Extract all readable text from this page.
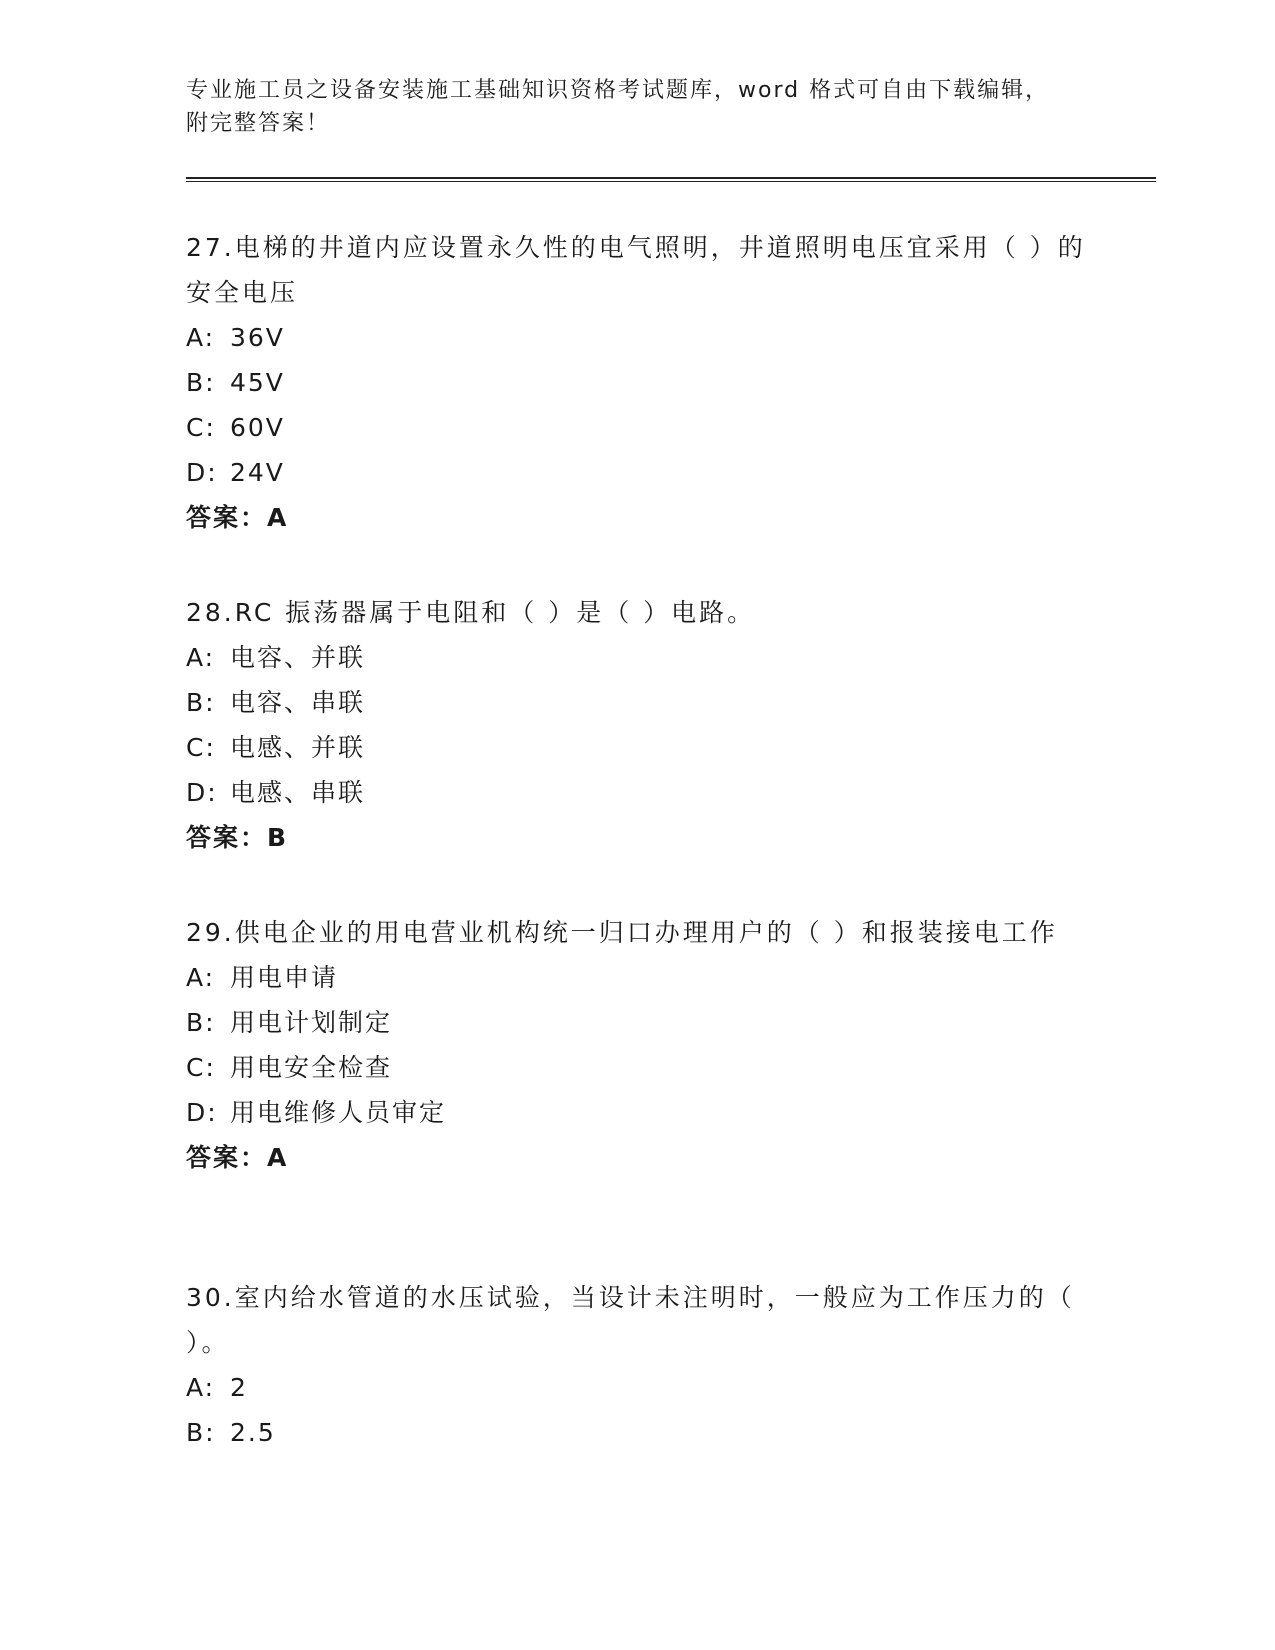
专业施工员之设备安装施工基础知识资格考试题库，word 格式可自由下载编辑，
附完整答案！

27.电梯的井道内应设置永久性的电气照明，井道照明电压宜采用（ ）的安全电压

A: 36V

B: 45V

C: 60V

D: 24V

答案：A

28.RC 振荡器属于电阻和（ ）是（ ）电路。

A: 电容、并联

B: 电容、串联

C: 电感、并联

D: 电感、串联

答案：B

29.供电企业的用电营业机构统一归口办理用户的（ ）和报装接电工作

A: 用电申请

B: 用电计划制定

C: 用电安全检查

D: 用电维修人员审定

答案：A

30.室内给水管道的水压试验，当设计未注明时，一般应为工作压力的（ ）。

A: 2

B: 2.5
